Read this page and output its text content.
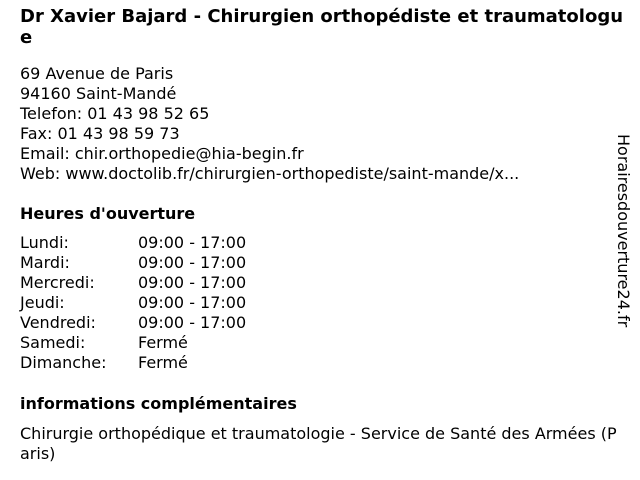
Dr Xavier Bajard - Chirurgien orthopédiste et traumatologue
69 Avenue de Paris
94160 Saint-Mandé
Telefon: 01 43 98 52 65
Fax: 01 43 98 59 73
Email: chir.orthopedie@hia-begin.fr
Web: www.doctolib.fr/chirurgien-orthopediste/saint-mande/x...
Heures d'ouverture
Lundi:	09:00 - 17:00
Mardi:	09:00 - 17:00
Mercredi:	09:00 - 17:00
Jeudi:	09:00 - 17:00
Vendredi:	09:00 - 17:00
Samedi:	Fermé
Dimanche: Fermé
informations complémentaires
Chirurgie orthopédique et traumatologie - Service de Santé des Armées (Paris)
Horairesdouverture24.fr
